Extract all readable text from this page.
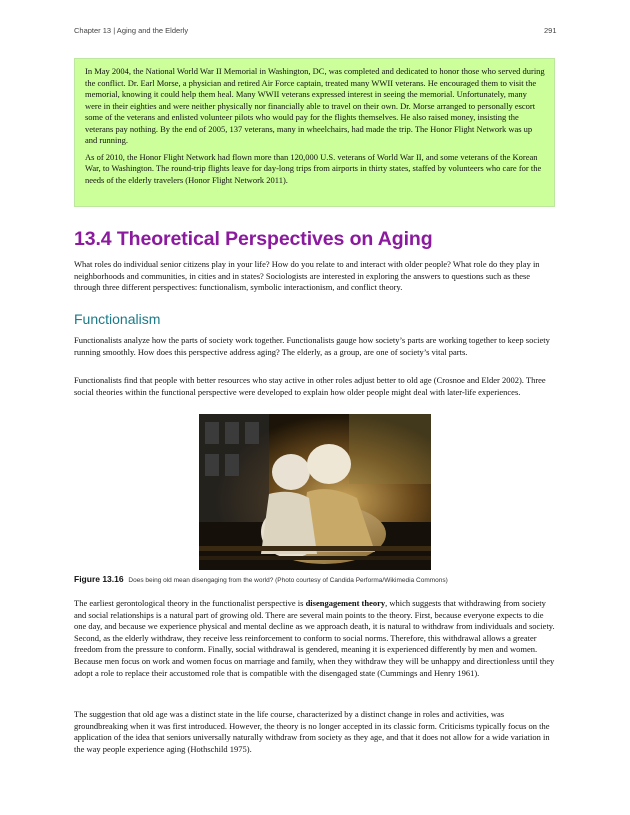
Chapter 13 | Aging and the Elderly	291

In May 2004, the National World War II Memorial in Washington, DC, was completed and dedicated to honor those who served during the conflict. Dr. Earl Morse, a physician and retired Air Force captain, treated many WWII veterans. He encouraged them to visit the memorial, knowing it could help them heal. Many WWII veterans expressed interest in seeing the memorial. Unfortunately, many were in their eighties and were neither physically nor financially able to travel on their own. Dr. Morse arranged to personally escort some of the veterans and enlisted volunteer pilots who would pay for the flights themselves. He also raised money, insisting the veterans pay nothing. By the end of 2005, 137 veterans, many in wheelchairs, had made the trip. The Honor Flight Network was up and running.

As of 2010, the Honor Flight Network had flown more than 120,000 U.S. veterans of World War II, and some veterans of the Korean War, to Washington. The round-trip flights leave for day-long trips from airports in thirty states, staffed by volunteers who care for the needs of the elderly travelers (Honor Flight Network 2011).

13.4 Theoretical Perspectives on Aging

What roles do individual senior citizens play in your life? How do you relate to and interact with older people? What role do they play in neighborhoods and communities, in cities and in states? Sociologists are interested in exploring the answers to questions such as these through three different perspectives: functionalism, symbolic interactionism, and conflict theory.

Functionalism

Functionalists analyze how the parts of society work together. Functionalists gauge how society’s parts are working together to keep society running smoothly. How does this perspective address aging? The elderly, as a group, are one of society’s vital parts.

Functionalists find that people with better resources who stay active in other roles adjust better to old age (Crosnoe and Elder 2002). Three social theories within the functional perspective were developed to explain how older people might deal with later-life experiences.

Figure 13.16 Does being old mean disengaging from the world? (Photo courtesy of Candida Performa/Wikimedia Commons)

The earliest gerontological theory in the functionalist perspective is disengagement theory, which suggests that withdrawing from society and social relationships is a natural part of growing old. There are several main points to the theory. First, because everyone expects to die one day, and because we experience physical and mental decline as we approach death, it is natural to withdraw from individuals and society. Second, as the elderly withdraw, they receive less reinforcement to conform to social norms. Therefore, this withdrawal allows a greater freedom from the pressure to conform. Finally, social withdrawal is gendered, meaning it is experienced differently by men and women. Because men focus on work and women focus on marriage and family, when they withdraw they will be unhappy and directionless until they adopt a role to replace their accustomed role that is compatible with the disengaged state (Cummings and Henry 1961).

The suggestion that old age was a distinct state in the life course, characterized by a distinct change in roles and activities, was groundbreaking when it was first introduced. However, the theory is no longer accepted in its classic form. Criticisms typically focus on the application of the idea that seniors universally naturally withdraw from society as they age, and that it does not allow for a wide variation in the way people experience aging (Hothschild 1975).
